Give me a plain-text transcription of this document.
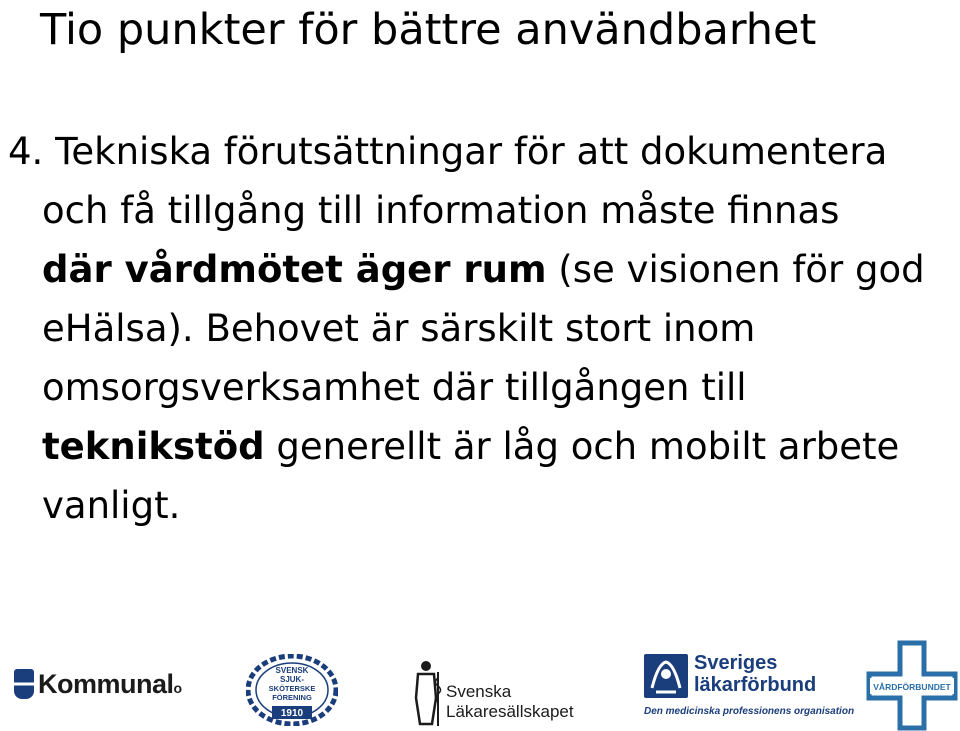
Tio punkter för bättre användbarhet
4. Tekniska förutsättningar för att dokumentera
och få tillgång till information måste finnas
där vårdmötet äger rum (se visionen för god
eHälsa). Behovet är särskilt stort inom
omsorgsverksamhet där tillgången till
teknikstöd generellt är låg och mobilt arbete
vanligt.
Kommunalo
SVENSK
SJUK-
SKÖTERSKE
FÖRENING
1910
Svenska
Läkaresällskapet
Sveriges
läkarförbund
Den medicinska professionens organisation
VÅRDFÖRBUNDET
